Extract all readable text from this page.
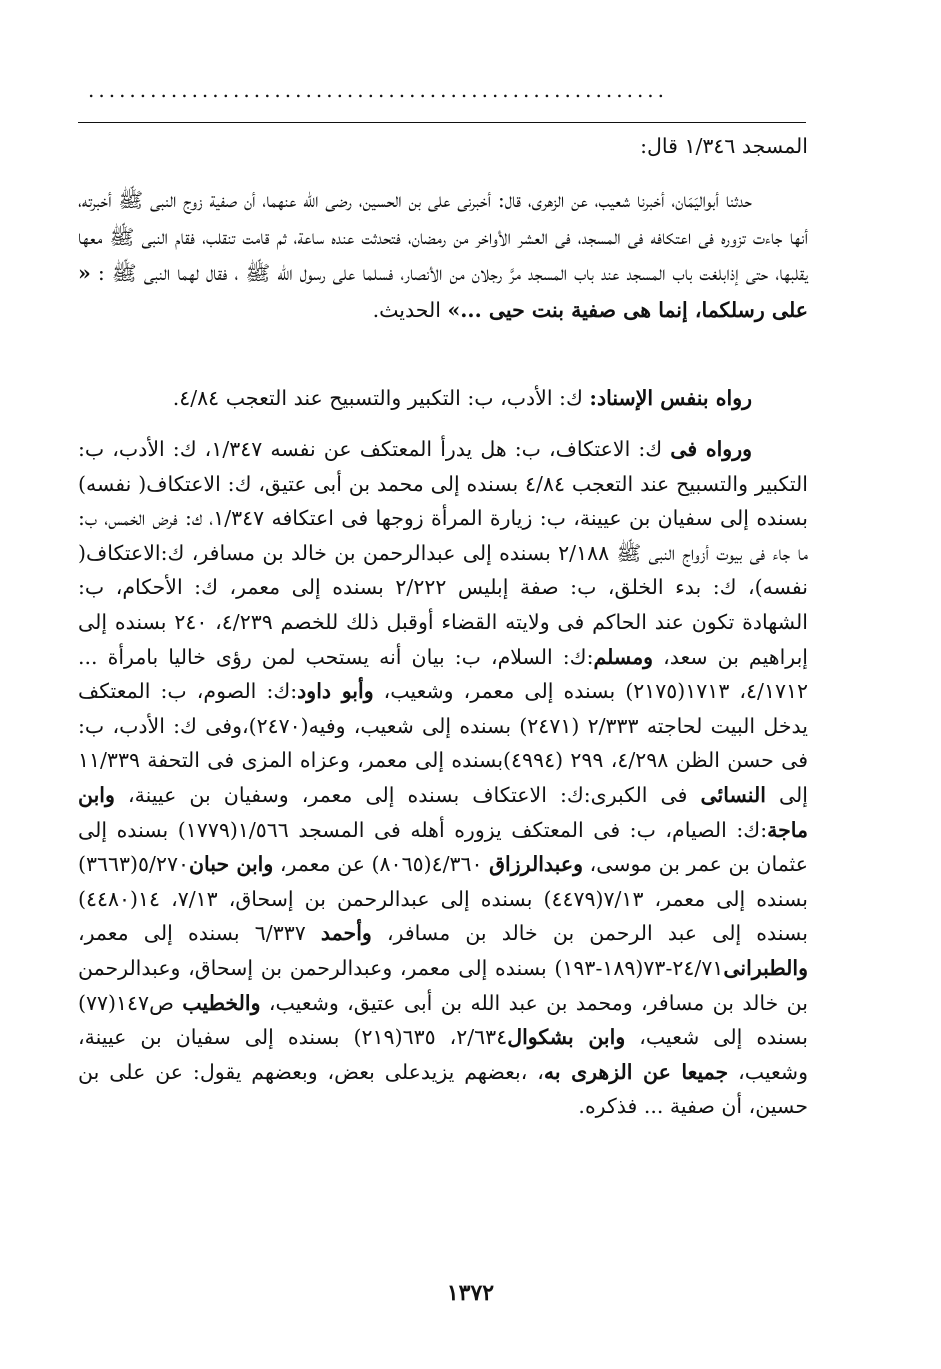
........................................................

المسجد ١/٣٤٦ قال:

حدثنا أبواليَمَان، أخبرنا شعيب، عن الزهرى، قال: أخبرنى على بن الحسين، رضى الله عنهما، أن صفية زوج النبى ﷺ أخبرته، أنها جاءت تزوره فى اعتكافه فى المسجد، فى العشر الأواخر من رمضان، فتحدثت عنده ساعة، ثم قامت تنقلب، فقام النبى ﷺ معها يقلبها، حتى إذابلغت باب المسجد عند باب المسجد مرَّ رجلان من الأنصار، فسلما على رسول الله ﷺ ، فقال لهما النبى ﷺ : « على رسلكما، إنما هى صفية بنت حيى ...» الحديث.

رواه بنفس الإسناد: ك: الأدب، ب: التكبير والتسبيح عند التعجب ٤/٨٤.

ورواه فى ك: الاعتكاف، ب: هل يدرأ المعتكف عن نفسه ١/٣٤٧، ك: الأدب، ب: التكبير والتسبيح عند التعجب ٤/٨٤ بسنده إلى محمد بن أبى عتيق، ك: الاعتكاف( نفسه) بسنده إلى سفيان بن عيينة، ب: زيارة المرأة زوجها فى اعتكافه ١/٣٤٧، ك: فرض الخمس، ب: ما جاء فى بيوت أزواج النبى ﷺ ٢/١٨٨ بسنده إلى عبدالرحمن بن خالد بن مسافر، ك:الاعتكاف( نفسه)، ك: بدء الخلق، ب: صفة إبليس ٢/٢٢٢ بسنده إلى معمر، ك: الأحكام، ب: الشهادة تكون عند الحاكم فى ولايته القضاء أوقبل ذلك للخصم ٤/٢٣٩، ٢٤٠ بسنده إلى إبراهيم بن سعد، ومسلم:ك: السلام، ب: بيان أنه يستحب لمن رؤى خاليا بامرأة ... ٤/١٧١٢، ١٧١٣(٢١٧٥) بسنده إلى معمر، وشعيب، وأبو داود:ك: الصوم، ب: المعتكف يدخل البيت لحاجته ٢/٣٣٣ (٢٤٧١) بسنده إلى شعيب، وفيه(٢٤٧٠)،وفى ك: الأدب، ب: فى حسن الظن ٤/٢٩٨، ٢٩٩ (٤٩٩٤)بسنده إلى معمر، وعزاه المزى فى التحفة ١١/٣٣٩ إلى النسائى فى الكبرى:ك: الاعتكاف بسنده إلى معمر، وسفيان بن عيينة، وابن ماجة:ك: الصيام، ب: فى المعتكف يزوره أهله فى المسجد ١/٥٦٦(١٧٧٩) بسنده إلى عثمان بن عمر بن موسى، وعبدالرزاق ٤/٣٦٠(٨٠٦٥) عن معمر، وابن حبان٥/٢٧٠(٣٦٦٣) بسنده إلى معمر، ٧/١٣(٤٤٧٩) بسنده إلى عبدالرحمن بن إسحاق، ٧/١٣، ١٤(٤٤٨٠) بسنده إلى عبد الرحمن بن خالد بن مسافر، وأحمد ٦/٣٣٧ بسنده إلى معمر، والطبرانى٢٤/٧١-٧٣(١٨٩-١٩٣) بسنده إلى معمر، وعبدالرحمن بن إسحاق، وعبدالرحمن بن خالد بن مسافر، ومحمد بن عبد الله بن أبى عتيق، وشعيب، والخطيب ص١٤٧(٧٧) بسنده إلى شعيب، وابن بشكوال٢/٦٣٤، ٦٣٥(٢١٩) بسنده إلى سفيان بن عيينة، وشعيب، جميعا عن الزهرى به، ،بعضهم يزيدعلى بعض، وبعضهم يقول: عن على بن حسين، أن صفية ... فذكره.

١٣٧٢
